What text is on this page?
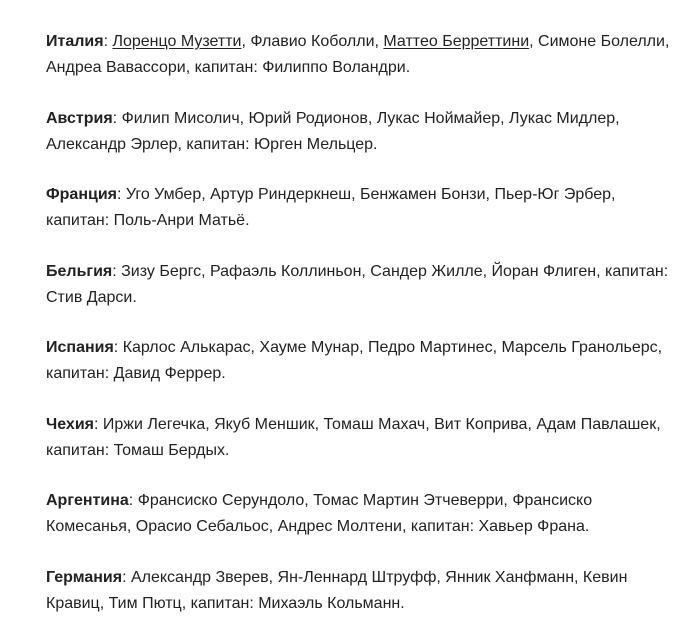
Италия: Лоренцо Музетти, Флавио Коболли, Маттео Берреттини, Симоне Болелли, Андреа Вавассори, капитан: Филиппо Воландри.

Австрия: Филип Мисолич, Юрий Родионов, Лукас Ноймайер, Лукас Мидлер, Александр Эрлер, капитан: Юрген Мельцер.

Франция: Уго Умбер, Артур Риндеркнеш, Бенжамен Бонзи, Пьер-Юг Эрбер, капитан: Поль-Анри Матьё.

Бельгия: Зизу Бергс, Рафаэль Коллиньон, Сандер Жилле, Йоран Флиген, капитан: Стив Дарси.

Испания: Карлос Алькарас, Хауме Мунар, Педро Мартинес, Марсель Гранольерс, капитан: Давид Феррер.

Чехия: Иржи Легечка, Якуб Меншик, Томаш Махач, Вит Коприва, Адам Павлашек, капитан: Томаш Бердых.

Аргентина: Франсиско Серундоло, Томас Мартин Этчеверри, Франсиско Комесанья, Орасио Себальос, Андрес Молтени, капитан: Хавьер Франа.

Германия: Александр Зверев, Ян-Леннард Штруфф, Янник Ханфманн, Кевин Кравиц, Тим Пютц, капитан: Михаэль Кольманн.
